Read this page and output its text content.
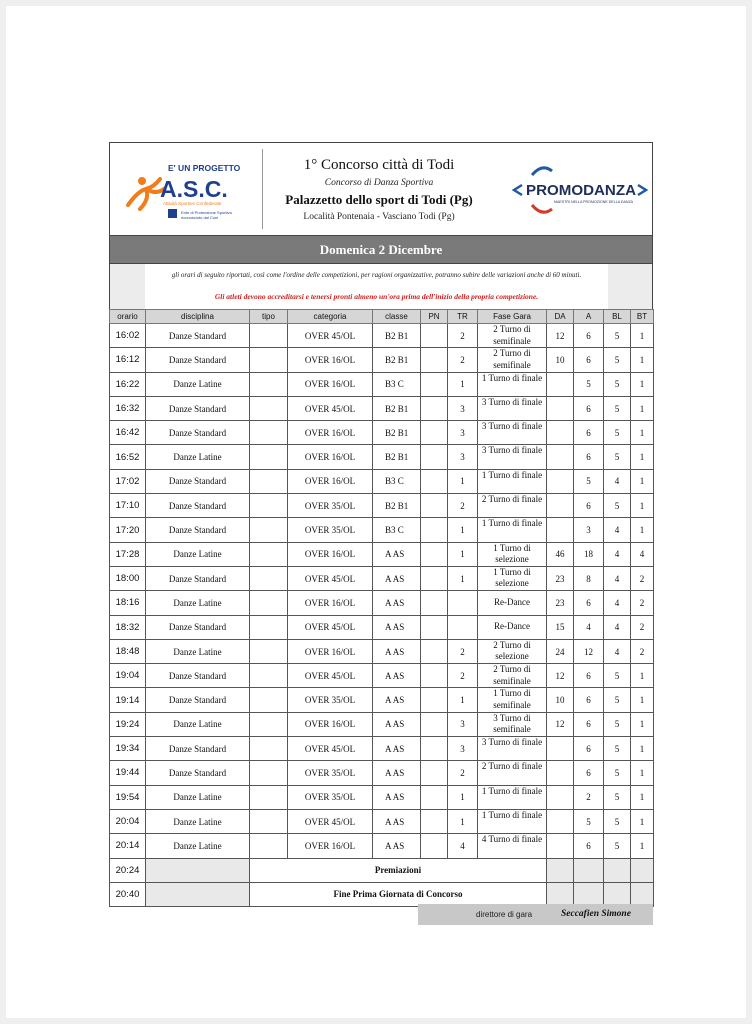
E' UN PROGETTO
A.S.C.
Attività Sportive Confederate
Ente di Promozione Sportiva
riconosciuto dal Coni
1° Concorso città di Todi
Concorso di Danza Sportiva
Palazzetto dello sport di Todi (Pg)
Località Pontenaia - Vasciano Todi (Pg)
PROMODANZA
MAESTRI NELLA PROMOZIONE DELLA DANZA
Domenica 2 Dicembre
gli orari di seguito riportati, così come l'ordine delle competizioni, per ragioni organizzative, potranno subire delle variazioni anche di 60 minuti.
Gli atleti devono accreditarsi e tenersi pronti almeno un'ora prima dell'inizio della propria competizione.
orario	disciplina	tipo	categoria	classe	PN	TR	Fase Gara	DA	A	BL	BT
16:02	Danze Standard		OVER 45/OL	B2 B1		2	2 Turno di semifinale	12	6	5	1
16:12	Danze Standard		OVER 16/OL	B2 B1		2	2 Turno di semifinale	10	6	5	1
16:22	Danze Latine		OVER 16/OL	B3 C		1	1 Turno di finale		5	5	1
16:32	Danze Standard		OVER 45/OL	B2 B1		3	3 Turno di finale		6	5	1
16:42	Danze Standard		OVER 16/OL	B2 B1		3	3 Turno di finale		6	5	1
16:52	Danze Latine		OVER 16/OL	B2 B1		3	3 Turno di finale		6	5	1
17:02	Danze Standard		OVER 16/OL	B3 C		1	1 Turno di finale		5	4	1
17:10	Danze Standard		OVER 35/OL	B2 B1		2	2 Turno di finale		6	5	1
17:20	Danze Standard		OVER 35/OL	B3 C		1	1 Turno di finale		3	4	1
17:28	Danze Latine		OVER 16/OL	A AS		1	1 Turno di selezione	46	18	4	4
18:00	Danze Standard		OVER 45/OL	A AS		1	1 Turno di selezione	23	8	4	2
18:16	Danze Latine		OVER 16/OL	A AS			Re-Dance	23	6	4	2
18:32	Danze Standard		OVER 45/OL	A AS			Re-Dance	15	4	4	2
18:48	Danze Latine		OVER 16/OL	A AS		2	2 Turno di selezione	24	12	4	2
19:04	Danze Standard		OVER 45/OL	A AS		2	2 Turno di semifinale	12	6	5	1
19:14	Danze Standard		OVER 35/OL	A AS		1	1 Turno di semifinale	10	6	5	1
19:24	Danze Latine		OVER 16/OL	A AS		3	3 Turno di semifinale	12	6	5	1
19:34	Danze Standard		OVER 45/OL	A AS		3	3 Turno di finale		6	5	1
19:44	Danze Standard		OVER 35/OL	A AS		2	2 Turno di finale		6	5	1
19:54	Danze Latine		OVER 35/OL	A AS		1	1 Turno di finale		2	5	1
20:04	Danze Latine		OVER 45/OL	A AS		1	1 Turno di finale		5	5	1
20:14	Danze Latine		OVER 16/OL	A AS		4	4 Turno di finale		6	5	1
20:24		Premiazioni									
20:40		Fine Prima Giornata di Concorso									
direttore di gara	Seccafien Simone
